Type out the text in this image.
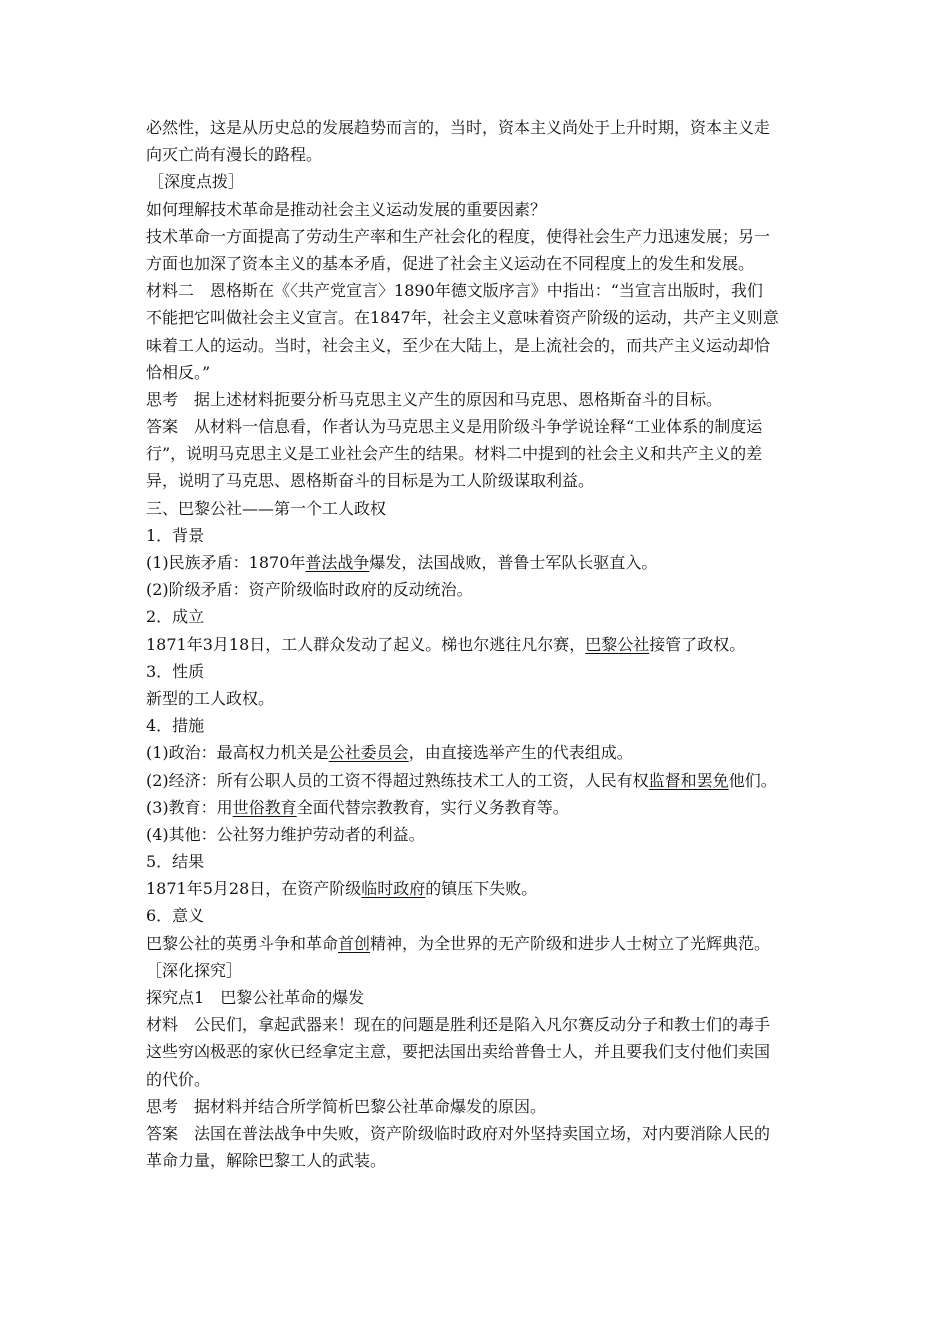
必然性，这是从历史总的发展趋势而言的，当时，资本主义尚处于上升时期，资本主义走
向灭亡尚有漫长的路程。
［深度点拨］
如何理解技术革命是推动社会主义运动发展的重要因素？
技术革命一方面提高了劳动生产率和生产社会化的程度，使得社会生产力迅速发展；另一
方面也加深了资本主义的基本矛盾，促进了社会主义运动在不同程度上的发生和发展。
材料二 恩格斯在《〈共产党宣言〉1890年德文版序言》中指出：“当宣言出版时，我们
不能把它叫做社会主义宣言。在1847年，社会主义意味着资产阶级的运动，共产主义则意
味着工人的运动。当时，社会主义，至少在大陆上，是上流社会的，而共产主义运动却恰
恰相反。”
思考 据上述材料扼要分析马克思主义产生的原因和马克思、恩格斯奋斗的目标。
答案 从材料一信息看，作者认为马克思主义是用阶级斗争学说诠释“工业体系的制度运
行”，说明马克思主义是工业社会产生的结果。材料二中提到的社会主义和共产主义的差
异，说明了马克思、恩格斯奋斗的目标是为工人阶级谋取利益。
三、巴黎公社——第一个工人政权
1．背景
(1)民族矛盾：1870年普法战争爆发，法国战败，普鲁士军队长驱直入。
(2)阶级矛盾：资产阶级临时政府的反动统治。
2．成立
1871年3月18日，工人群众发动了起义。梯也尔逃往凡尔赛，巴黎公社接管了政权。
3．性质
新型的工人政权。
4．措施
(1)政治：最高权力机关是公社委员会，由直接选举产生的代表组成。
(2)经济：所有公职人员的工资不得超过熟练技术工人的工资，人民有权监督和罢免他们。
(3)教育：用世俗教育全面代替宗教教育，实行义务教育等。
(4)其他：公社努力维护劳动者的利益。
5．结果
1871年5月28日，在资产阶级临时政府的镇压下失败。
6．意义
巴黎公社的英勇斗争和革命首创精神，为全世界的无产阶级和进步人士树立了光辉典范。
［深化探究］
探究点1 巴黎公社革命的爆发
材料 公民们，拿起武器来！现在的问题是胜利还是陷入凡尔赛反动分子和教士们的毒手
这些穷凶极恶的家伙已经拿定主意，要把法国出卖给普鲁士人，并且要我们支付他们卖国
的代价。
思考 据材料并结合所学简析巴黎公社革命爆发的原因。
答案 法国在普法战争中失败，资产阶级临时政府对外坚持卖国立场，对内要消除人民的
革命力量，解除巴黎工人的武装。
